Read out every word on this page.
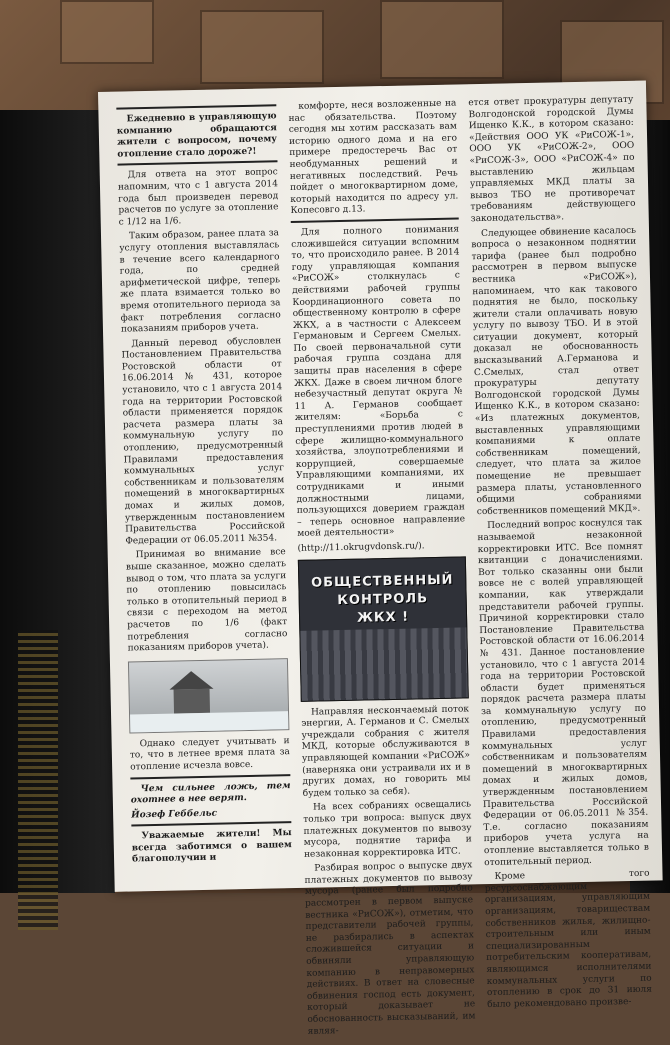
Ежедневно в управляющую компанию обращаются жители с вопросом, почему отопление стало дороже?!

Для ответа на этот вопрос напомним, что с 1 августа 2014 года был произведен перевод расчетов по услуге за отопление с 1/12 на 1/6.

Таким образом, ранее плата за услугу отопления выставлялась в течение всего календарного года, по средней арифметической цифре, теперь же плата взимается только во время отопительного периода за факт потребления согласно показаниям приборов учета.

Данный перевод обусловлен Постановлением Правительства Ростовской области от 16.06.2014 № 431, которое установило, что с 1 августа 2014 года на территории Ростовской области применяется порядок расчета размера платы за коммунальную услугу по отоплению, предусмотренный Правилами предоставления коммунальных услуг собственникам и пользователям помещений в многоквартирных домах и жилых домов, утвержденным постановлением Правительства Российской Федерации от 06.05.2011 №354.

Принимая во внимание все выше сказанное, можно сделать вывод о том, что плата за услуги по отоплению повысилась только в отопительный период в связи с переходом на метод расчетов по 1/6 (факт потребления согласно показаниям приборов учета).

Однако следует учитывать и то, что в летнее время плата за отопление исчезла вовсе.

Чем сильнее ложь, тем охотнее в нее верят.

Йозеф Геббельс

Уважаемые жители! Мы всегда заботимся о вашем благополучии и

комфорте, неся возложенные на нас обязательства. Поэтому сегодня мы хотим рассказать вам историю одного дома и на его примере предостеречь Вас от необдуманных решений и негативных последствий. Речь пойдет о многоквартирном доме, который находится по адресу ул. Копесовго д.13.

Для полного понимания сложившейся ситуации вспомним то, что происходило ранее. В 2014 году управляющая компания «РиСОЖ» столкнулась с действиями рабочей группы Координационного совета по общественному контролю в сфере ЖКХ, а в частности с Алексеем Германовым и Сергеем Смелых. По своей первоначальной сути рабочая группа создана для защиты прав населения в сфере ЖКХ. Даже в своем личном блоге небезучастный депутат округа № 11 А. Германов сообщает жителям: «Борьба с преступлениями против людей в сфере жилищно-коммунального хозяйства, злоупотреблениями и коррупцией, совершаемые Управляющими компаниями, их сотрудниками и иными должностными лицами, пользующихся доверием граждан – теперь основное направление моей деятельности»

(http://11.okrugvdonsk.ru/).

ОБЩЕСТВЕННЫЙ
КОНТРОЛЬ
ЖКХ !

Направляя нескончаемый поток энергии, А. Германов и С. Смелых учреждали собрания с жителя МКД, которые обслуживаются в управляющей компании «РиСОЖ» (наверняка они устраивали их и в других домах, но говорить мы будем только за себя).

На всех собраниях освещались только три вопроса: выпуск двух платежных документов по вывозу мусора, поднятие тарифа и незаконная корректировка ИТС.

Разбирая вопрос о выпуске двух платежных документов по вывозу мусора (ранее был подробно рассмотрен в первом выпуске вестника «РиСОЖ»), отметим, что представители рабочей группы, не разбирались в аспектах сложившейся ситуации и обвиняли управляющую компанию в неправомерных действиях. В ответ на словесные обвинения господ есть документ, который доказывает не обоснованность высказываний, им являя-

ется ответ прокуратуры депутату Волгодонской городской Думы Ищенко К.К., в котором сказано: «Действия ООО УК «РиСОЖ-1», ООО УК «РиСОЖ-2», ООО «РиСОЖ-3», ООО «РиСОЖ-4» по выставлению жильцам управляемых МКД платы за вывоз ТБО не противоречат требованиям действующего законодательства».

Следующее обвинение касалось вопроса о незаконном поднятии тарифа (ранее был подробно рассмотрен в первом выпуске вестника «РиСОЖ»), напоминаем, что как такового поднятия не было, поскольку жители стали оплачивать новую услугу по вывозу ТБО. И в этой ситуации документ, который доказал не обоснованность высказываний А.Германова и С.Смелых, стал ответ прокуратуры депутату Волгодонской городской Думы Ищенко К.К., в котором сказано: «Из платежных документов, выставленных управляющими компаниями к оплате собственникам помещений, следует, что плата за жилое помещение не превышает размера платы, установленного общими собраниями собственников помещений МКД».

Последний вопрос коснулся так называемой незаконной корректировки ИТС. Все помнят квитанции с доначислениями. Вот только сказанны они были вовсе не с волей управляющей компании, как утверждали представители рабочей группы. Причиной корректировки стало Постановление Правительства Ростовской области от 16.06.2014 № 431. Данное постановление установило, что с 1 августа 2014 года на территории Ростовской области будет применяться порядок расчета размера платы за коммунальную услугу по отоплению, предусмотренный Правилами предоставления коммунальных услуг собственникам и пользователям помещений в многоквартирных домах и жилых домов, утвержденным постановлением Правительства Российской Федерации от 06.05.2011 №354. Т.е. согласно показаниям приборов учета услуга на отопление выставляется только в отопительный период.

Кроме того ресурсоснабжающим организациям, управляющим организациям, товариществам собственников жилья, жилищно-строительным или иным специализированным потребительским кооперативам, являющимся исполнителями коммунальных услуги по отоплению в срок до 31 июля было рекомендовано произве-
